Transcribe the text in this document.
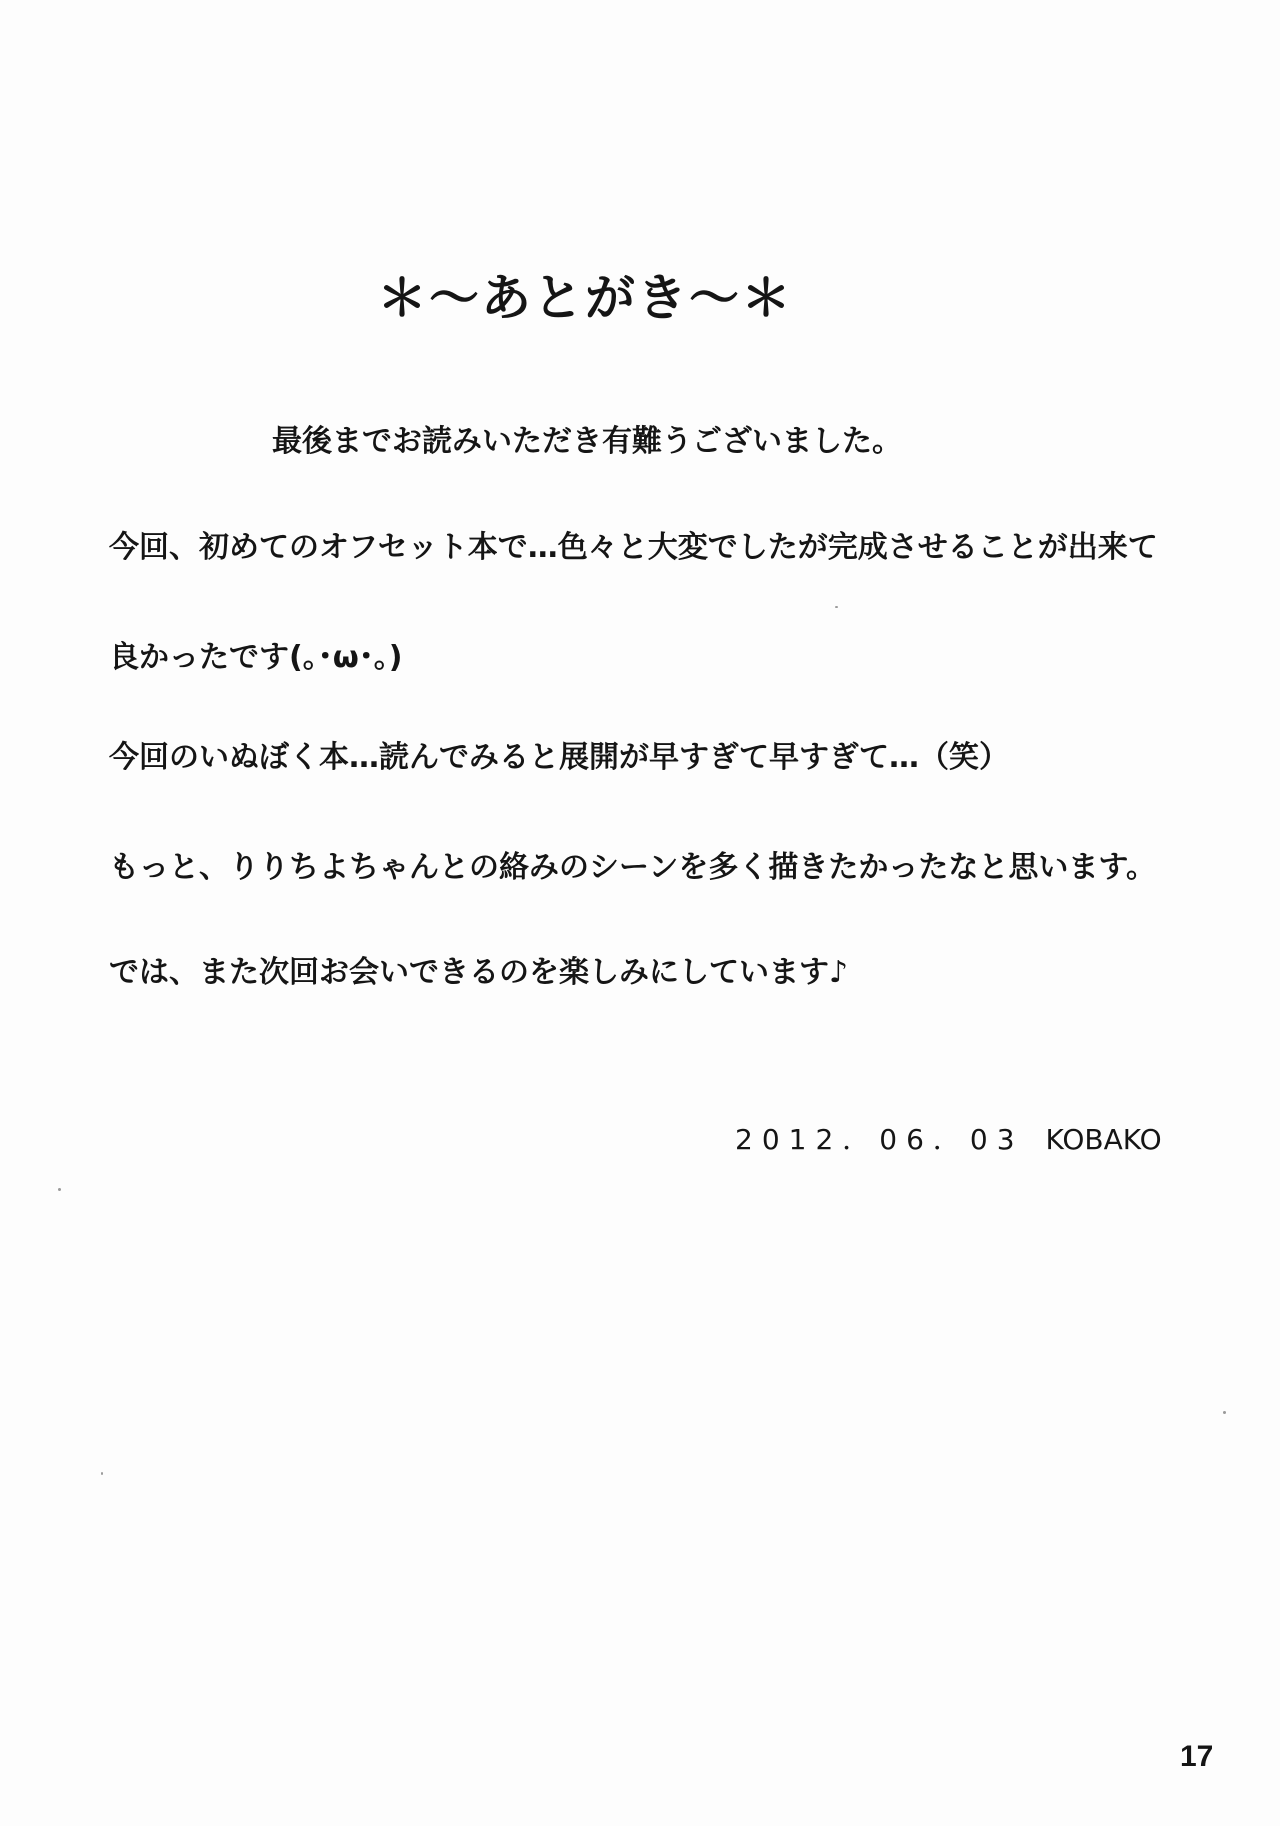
＊～あとがき～＊
最後までお読みいただき有難うございました。
今回、初めてのオフセット本で…色々と大変でしたが完成させることが出来て
良かったです(｡･ω･｡)
今回のいぬぼく本…読んでみると展開が早すぎて早すぎて…（笑）
もっと、りりちよちゃんとの絡みのシーンを多く描きたかったなと思います。
では、また次回お会いできるのを楽しみにしています♪
2012．06．03 KOBAKO
17
